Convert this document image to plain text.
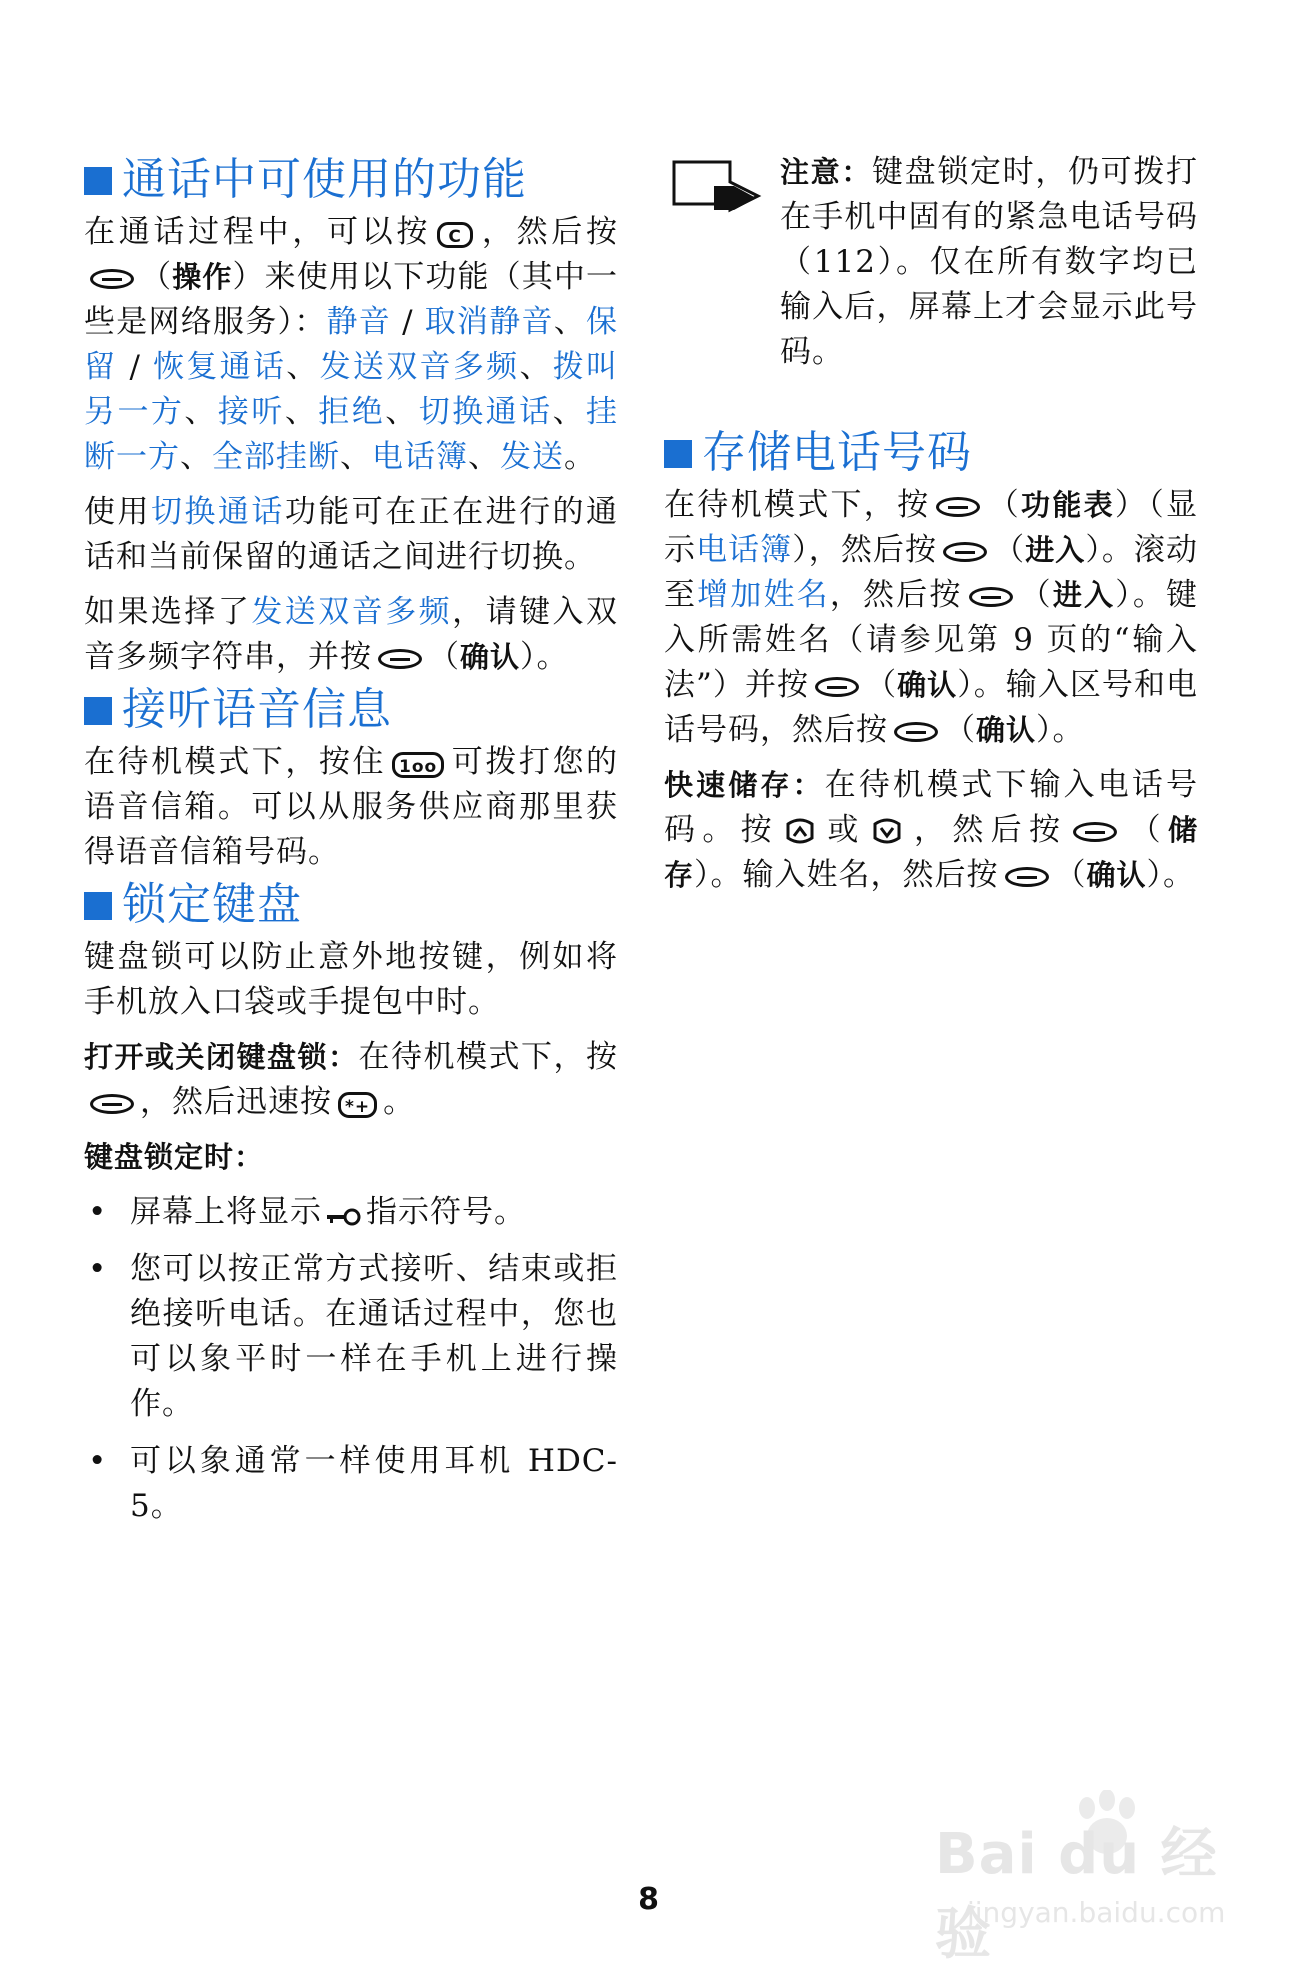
通话中可使用的功能

在通话过程中，可以按 C ，然后按（操作）来使用以下功能（其中一些是网络服务）：静音 / 取消静音、保留 / 恢复通话、发送双音多频、拨叫另一方、接听、拒绝、切换通话、挂断一方、全部挂断、电话簿、发送。

使用切换通话功能可在正在进行的通话和当前保留的通话之间进行切换。

如果选择了发送双音多频，请键入双音多频字符串，并按 （确认）。

接听语音信息

在待机模式下，按住 1oo 可拨打您的语音信箱。可以从服务供应商那里获得语音信箱号码。

锁定键盘

键盘锁可以防止意外地按键，例如将手机放入口袋或手提包中时。

打开或关闭键盘锁：在待机模式下，按，然后迅速按 *+ 。

键盘锁定时：

• 屏幕上将显示 指示符号。
• 您可以按正常方式接听、结束或拒绝接听电话。在通话过程中，您也可以象平时一样在手机上进行操作。
• 可以象通常一样使用耳机 HDC-5。

注意：键盘锁定时，仍可拨打在手机中固有的紧急电话号码（112）。仅在所有数字均已输入后，屏幕上才会显示此号码。

存储电话号码

在待机模式下，按 （功能表）（显示电话簿），然后按 （进入）。滚动至增加姓名，然后按 （进入）。键入所需姓名（请参见第 9 页的“输入法”）并按 （确认）。输入区号和电话号码，然后按 （确认）。

快速储存：在待机模式下输入电话号码。按 或 ，然后按 （储存）。输入姓名，然后按 （确认）。

8
Bai du 经验
jingyan.baidu.com
